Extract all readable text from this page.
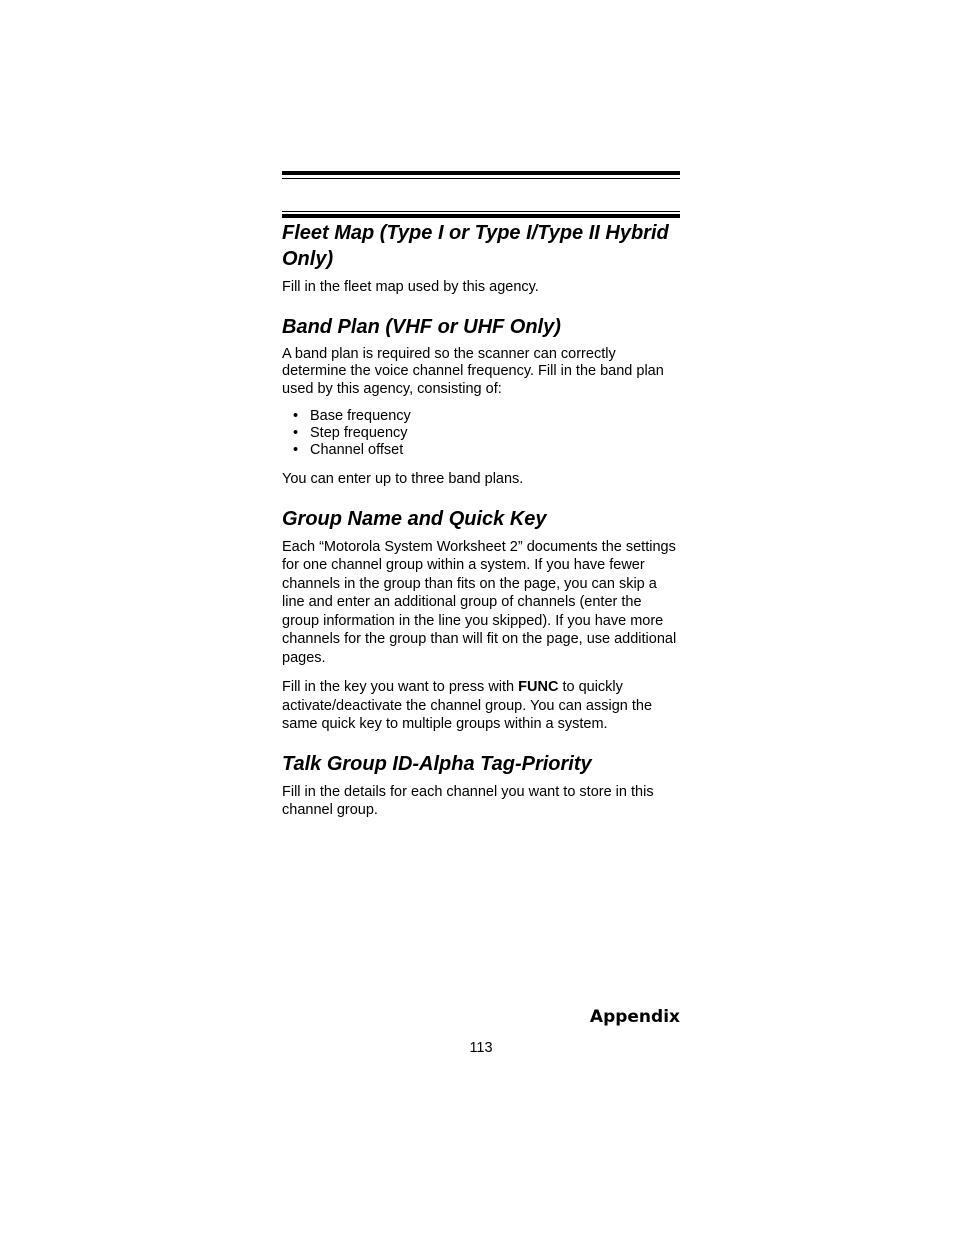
Fleet Map (Type I or Type I/Type II Hybrid Only)

Fill in the fleet map used by this agency.

Band Plan (VHF or UHF Only)

A band plan is required so the scanner can correctly determine the voice channel frequency. Fill in the band plan used by this agency, consisting of:

• Base frequency
• Step frequency
• Channel offset

You can enter up to three band plans.

Group Name and Quick Key

Each “Motorola System Worksheet 2” documents the settings for one channel group within a system. If you have fewer channels in the group than fits on the page, you can skip a line and enter an additional group of channels (enter the group information in the line you skipped). If you have more channels for the group than will fit on the page, use additional pages.

Fill in the key you want to press with FUNC to quickly activate/deactivate the channel group. You can assign the same quick key to multiple groups within a system.

Talk Group ID-Alpha Tag-Priority

Fill in the details for each channel you want to store in this channel group.

Appendix
113
